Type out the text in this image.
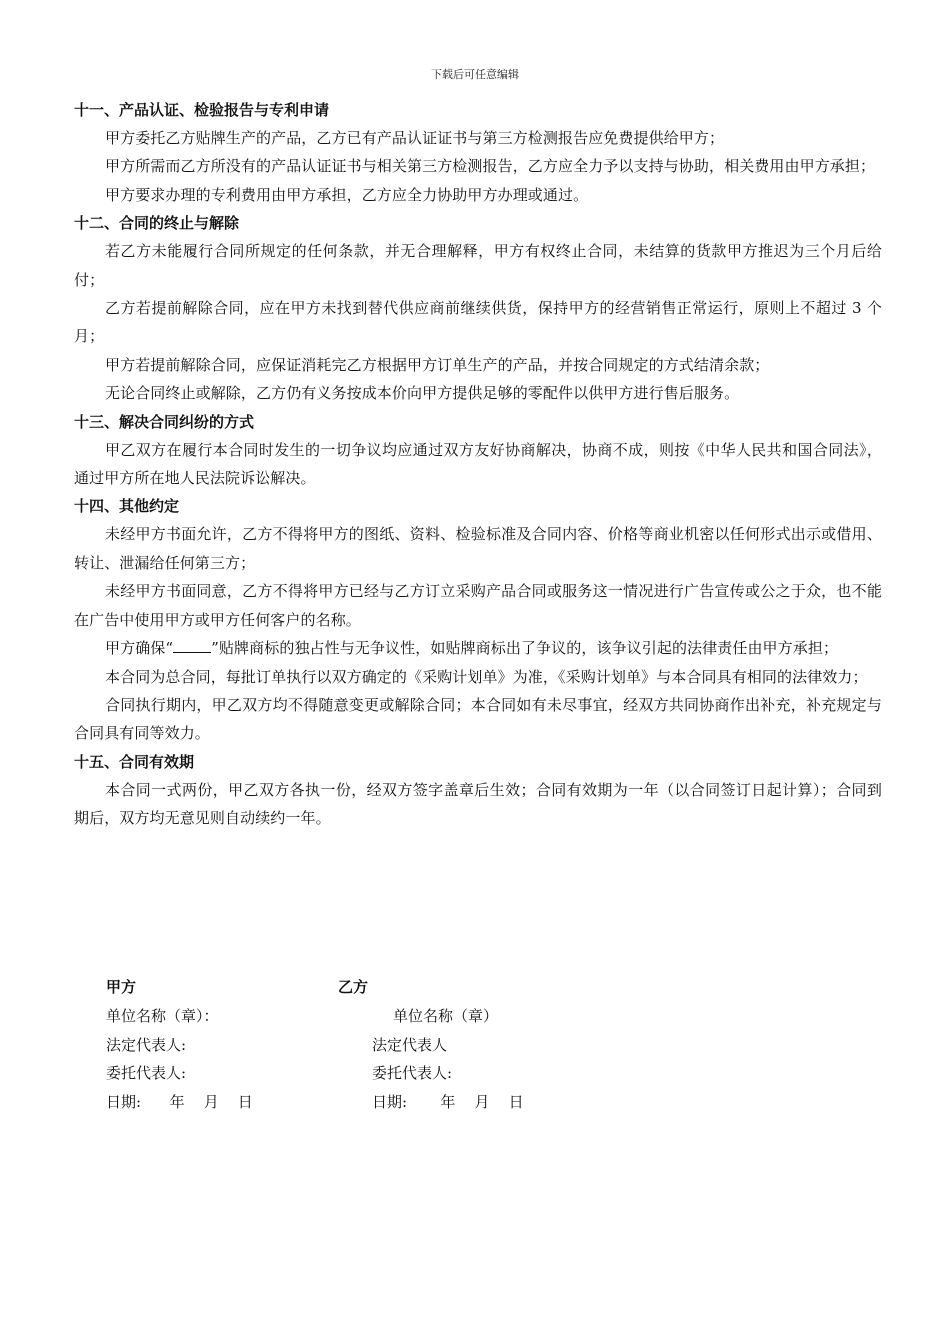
下载后可任意编辑

十一、产品认证、检验报告与专利申请

甲方委托乙方贴牌生产的产品，乙方已有产品认证证书与第三方检测报告应免费提供给甲方；

甲方所需而乙方所没有的产品认证证书与相关第三方检测报告，乙方应全力予以支持与协助，相关费用由甲方承担；

甲方要求办理的专利费用由甲方承担，乙方应全力协助甲方办理或通过。

十二、合同的终止与解除

若乙方未能履行合同所规定的任何条款，并无合理解释，甲方有权终止合同，未结算的货款甲方推迟为三个月后给付；

乙方若提前解除合同，应在甲方未找到替代供应商前继续供货，保持甲方的经营销售正常运行，原则上不超过 3 个月；

甲方若提前解除合同，应保证消耗完乙方根据甲方订单生产的产品，并按合同规定的方式结清余款；

无论合同终止或解除，乙方仍有义务按成本价向甲方提供足够的零配件以供甲方进行售后服务。

十三、解决合同纠纷的方式

甲乙双方在履行本合同时发生的一切争议均应通过双方友好协商解决，协商不成，则按《中华人民共和国合同法》，通过甲方所在地人民法院诉讼解决。

十四、其他约定

未经甲方书面允许，乙方不得将甲方的图纸、资料、检验标准及合同内容、价格等商业机密以任何形式出示或借用、转让、泄漏给任何第三方；

未经甲方书面同意，乙方不得将甲方已经与乙方订立采购产品合同或服务这一情况进行广告宣传或公之于众，也不能在广告中使用甲方或甲方任何客户的名称。

甲方确保“	”贴牌商标的独占性与无争议性，如贴牌商标出了争议的，该争议引起的法律责任由甲方承担；

本合同为总合同，每批订单执行以双方确定的《采购计划单》为准，《采购计划单》与本合同具有相同的法律效力；

合同执行期内，甲乙双方均不得随意变更或解除合同；本合同如有未尽事宜，经双方共同协商作出补充，补充规定与合同具有同等效力。

十五、合同有效期

本合同一式两份，甲乙双方各执一份，经双方签字盖章后生效；合同有效期为一年（以合同签订日起计算）；合同到期后，双方均无意见则自动续约一年。

甲方
单位名称（章）：
法定代表人:
委托代表人:
日期:      年    月    日
乙方
单位名称（章）
法定代表人
委托代表人:
日期:       年    月    日
